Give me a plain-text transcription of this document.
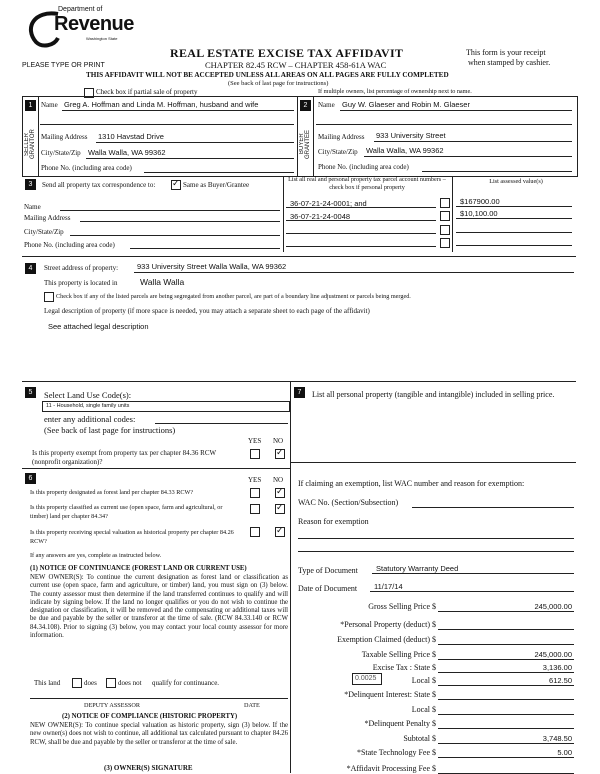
Department of
Revenue
Washington State
PLEASE TYPE OR PRINT
REAL ESTATE EXCISE TAX AFFIDAVIT
CHAPTER 82.45 RCW – CHAPTER 458-61A WAC
This form is your receipt
when stamped by cashier.
THIS AFFIDAVIT WILL NOT BE ACCEPTED UNLESS ALL AREAS ON ALL PAGES ARE FULLY COMPLETED
(See back of last page for instructions)
Check box if partial sale of property	If multiple owners, list percentage of ownership next to name.
1
SELLER GRANTOR
Name Greg A. Hoffman and Linda M. Hoffman, husband and wife
Mailing Address 1310 Havstad Drive
City/State/Zip Walla Walla, WA 99362
Phone No. (including area code)
2
BUYER GRANTEE
Name Guy W. Glaeser and Robin M. Glaeser
Mailing Address 933 University Street
City/State/Zip Walla Walla, WA 99362
Phone No. (including area code)
3	Send all property tax correspondence to:
✓	Same as Buyer/Grantee
List all real and personal property tax parcel account numbers – check box if personal property
List assessed value(s)
Name
Mailing Address
City/State/Zip
Phone No. (including area code)
36-07-21-24-0001; and	$167900.00
36-07-21-24-0048	$10,100.00
4	Street address of property:	933 University Street Walla Walla, WA 99362
This property is located in	Walla Walla
Check box if any of the listed parcels are being segregated from another parcel, are part of a boundary line adjustment or parcels being merged.
Legal description of property (if more space is needed, you may attach a separate sheet to each page of the affidavit)
See attached legal description
5	Select Land Use Code(s):
11 - Household, single family units
enter any additional codes:
(See back of last page for instructions)
YES NO
Is this property exempt from property tax per chapter 84.36 RCW (nonprofit organization)?
✓
6	YES NO
Is this property designated as forest land per chapter 84.33 RCW?
✓
Is this property classified as current use (open space, farm and agricultural, or timber) land per chapter 84.34?
✓
Is this property receiving special valuation as historical property per chapter 84.26 RCW?
✓
If any answers are yes, complete as instructed below.
(1) NOTICE OF CONTINUANCE (FOREST LAND OR CURRENT USE)
NEW OWNER(S): To continue the current designation as forest land or classification as current use (open space, farm and agriculture, or timber) land, you must sign on (3) below. The county assessor must then determine if the land transferred continues to qualify and will indicate by signing below. If the land no longer qualifies or you do not wish to continue the designation or classification, it will be removed and the compensating or additional taxes will be due and payable by the seller or transferor at the time of sale. (RCW 84.33.140 or RCW 84.34.108). Prior to signing (3) below, you may contact your local county assessor for more information.
This land	does	does not qualify for continuance.
DEPUTY ASSESSOR	DATE
(2) NOTICE OF COMPLIANCE (HISTORIC PROPERTY)
NEW OWNER(S): To continue special valuation as historic property, sign (3) below. If the new owner(s) does not wish to continue, all additional tax calculated pursuant to chapter 84.26 RCW, shall be due and payable by the seller or transferor at the time of sale.
(3) OWNER(S) SIGNATURE
7	List all personal property (tangible and intangible) included in selling price.
If claiming an exemption, list WAC number and reason for exemption:
WAC No. (Section/Subsection)
Reason for exemption
Type of Document Statutory Warranty Deed
Date of Document 11/17/14
Gross Selling Price $	245,000.00
*Personal Property (deduct) $
Exemption Claimed (deduct) $
Taxable Selling Price $	245,000.00
Excise Tax : State $	3,136.00
Local $	612.50
*Delinquent Interest: State $
Local $
*Delinquent Penalty $
Subtotal $	3,748.50
*State Technology Fee $	5.00
*Affidavit Processing Fee $
0.0025
